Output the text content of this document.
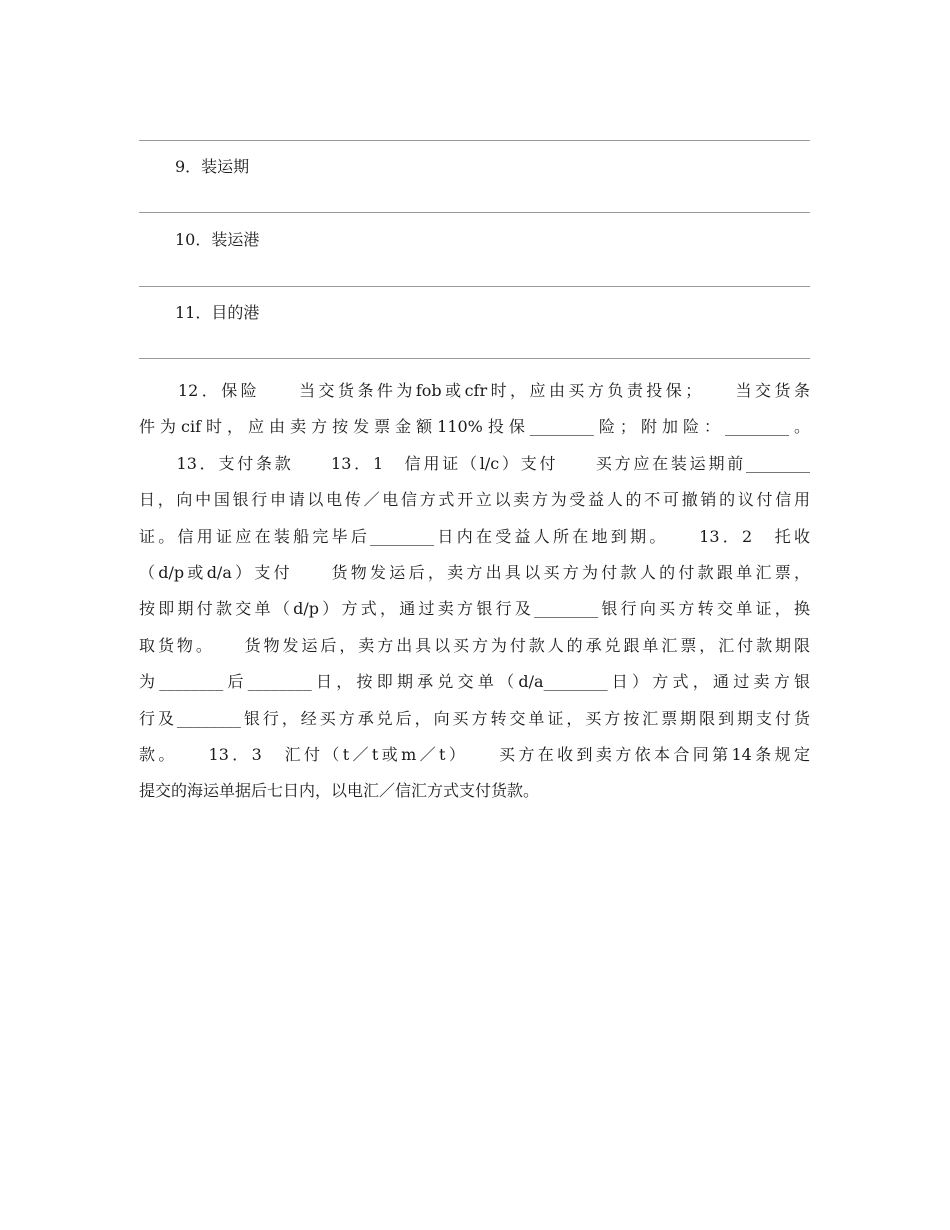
9．装运期
10．装运港
11．目的港
　　12．保险　　当交货条件为fob或cfr时，应由买方负责投保；　　当交货条
件为cif时，应由卖方按发票金额110%投保________险；附加险：________。
　　13．支付条款　　13．1　信用证（l/c）支付　　买方应在装运期前________
日，向中国银行申请以电传／电信方式开立以卖方为受益人的不可撤销的议付信用
证。信用证应在装船完毕后________日内在受益人所在地到期。　　13．2　托收
（d/p或d/a）支付　　货物发运后，卖方出具以买方为付款人的付款跟单汇票，
按即期付款交单（d/p）方式，通过卖方银行及________银行向买方转交单证，换
取货物。　　货物发运后，卖方出具以买方为付款人的承兑跟单汇票，汇付款期限
为________后________日，按即期承兑交单（d/a________日）方式，通过卖方银
行及________银行，经买方承兑后，向买方转交单证，买方按汇票期限到期支付货
款。　　13．3　汇付（t／t或m／t）　　买方在收到卖方依本合同第14条规定
提交的海运单据后七日内，以电汇／信汇方式支付货款。
